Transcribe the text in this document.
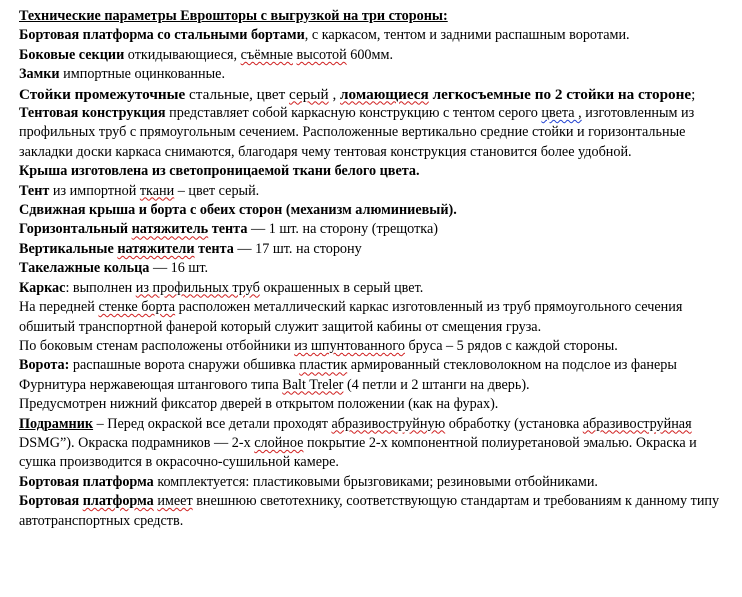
Технические параметры Еврошторы с выгрузкой на три стороны:

Бортовая платформа со стальными бортами, с каркасом, тентом и задними распашным воротами.

Боковые секции откидывающиеся, съёмные высотой 600мм.

Замки импортные оцинкованные.

Стойки промежуточные стальные, цвет серый , ломающиеся легкосъемные по 2 стойки на стороне;

Тентовая конструкция представляет собой каркасную конструкцию с тентом серого цвета , изготовленным из профильных труб с прямоугольным сечением. Расположенные вертикально средние стойки и горизонтальные закладки доски каркаса снимаются, благодаря чему тентовая конструкция становится более удобной.

Крыша изготовлена из светопроницаемой ткани белого цвета.

Тент из импортной ткани – цвет серый.

Сдвижная крыша и борта с обеих сторон (механизм алюминиевый).

Горизонтальный натяжитель тента — 1 шт. на сторону (трещотка)

Вертикальные натяжители тента — 17 шт. на сторону

Такелажные кольца — 16 шт.

Каркас: выполнен из профильных труб окрашенных в серый цвет.

На передней стенке борта расположен металлический каркас изготовленный из труб прямоугольного сечения обшитый транспортной фанерой который служит защитой кабины от смещения груза.

По боковым стенам расположены отбойники из шпунтованного бруса – 5 рядов с каждой стороны.

Ворота: распашные ворота снаружи обшивка пластик армированный стекловолокном на подслое из фанеры Фурнитура нержавеющая штангового типа Balt Treler (4 петли и 2 штанги на дверь).

Предусмотрен нижний фиксатор дверей в открытом положении (как на фурах).

Подрамник – Перед окраской все детали проходят абразивоструйную обработку (установка абразивоструйная DSMG”). Окраска подрамников — 2-х слойное покрытие 2-х компонентной полиуретановой эмалью. Окраска и сушка производится в окрасочно-сушильной камере.

Бортовая платформа комплектуется: пластиковыми брызговиками; резиновыми отбойниками.

Бортовая платформа имеет внешнюю светотехнику, соответствующую стандартам и требованиям к данному типу автотранспортных средств.
